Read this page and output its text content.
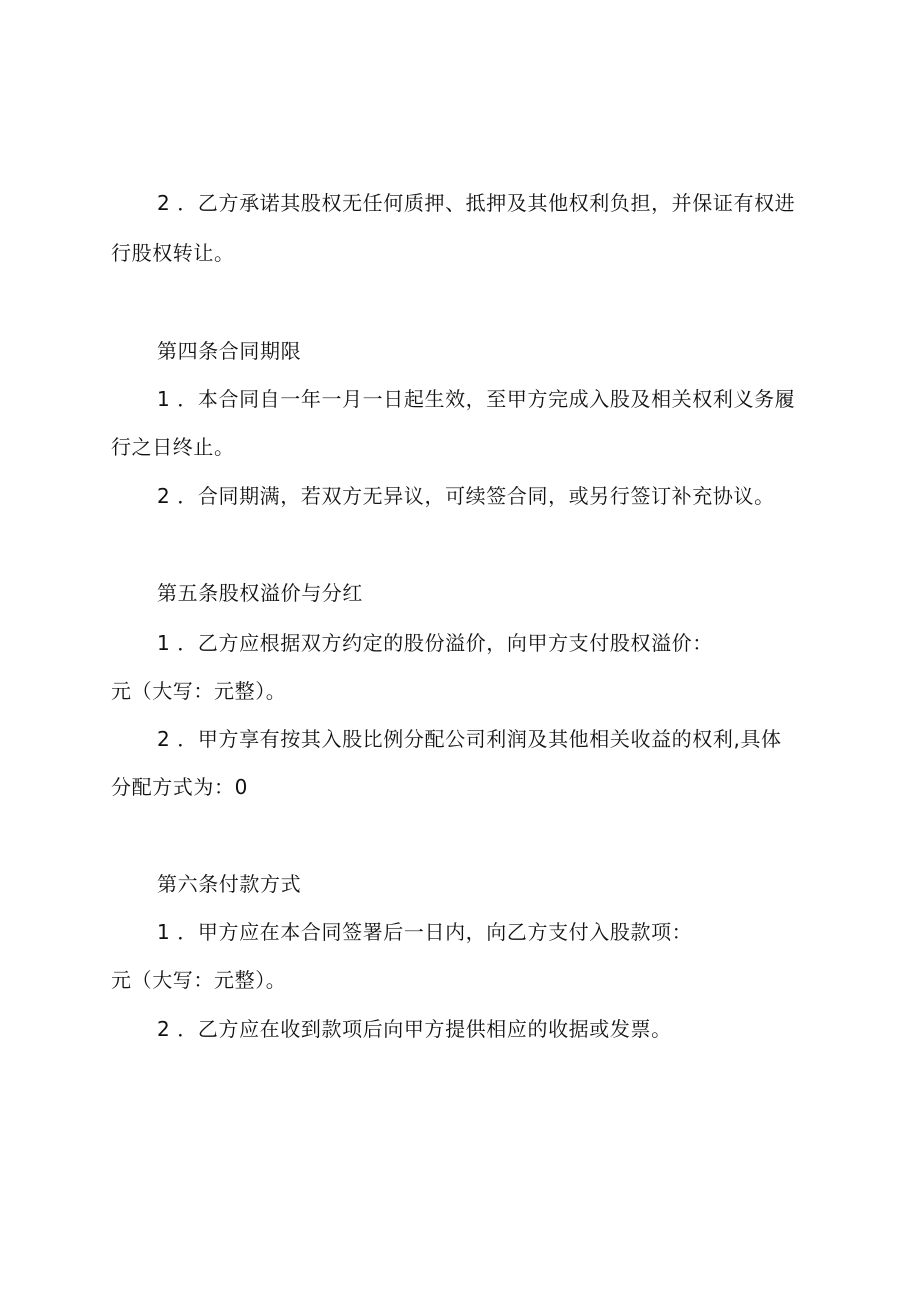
2 ．乙方承诺其股权无任何质押、抵押及其他权利负担，并保证有权进
行股权转让。
第四条合同期限
1 ．本合同自一年一月一日起生效，至甲方完成入股及相关权利义务履
行之日终止。
2 ．合同期满，若双方无异议，可续签合同，或另行签订补充协议。
第五条股权溢价与分红
1 ．乙方应根据双方约定的股份溢价，向甲方支付股权溢价：
元（大写：元整）。
2 ．甲方享有按其入股比例分配公司利润及其他相关收益的权利,具体
分配方式为：0
第六条付款方式
1 ．甲方应在本合同签署后一日内，向乙方支付入股款项：
元（大写：元整）。
2 ．乙方应在收到款项后向甲方提供相应的收据或发票。
